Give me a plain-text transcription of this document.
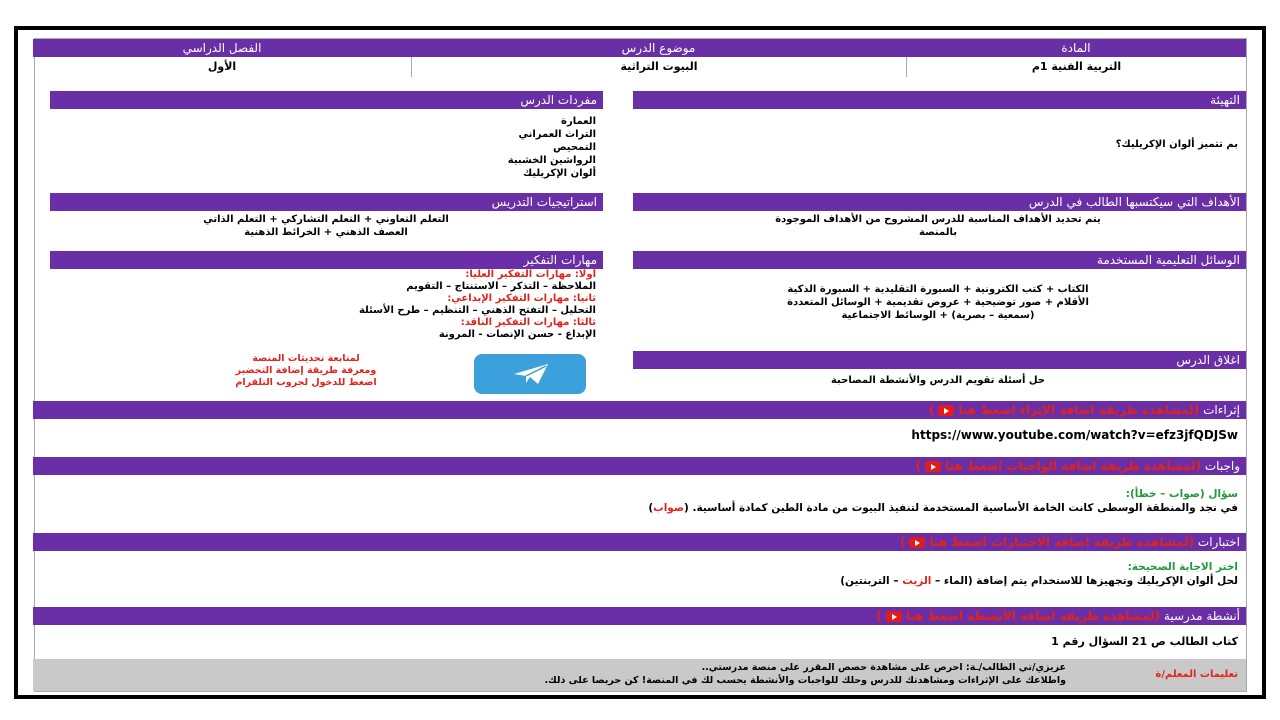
المادة
موضوع الدرس
الفصل الدراسي
التربية الفنية 1م
البيوت التراثية
الأول
التهيئة
بم تتميز ألوان الإكريليك؟
مفردات الدرس
العمارة
التراث العمراني
التمحيص
الرواشين الخشبية
ألوان الإكريليك
الأهداف التي سيكتسبها الطالب في الدرس
يتم تحديد الأهداف المناسبة للدرس المشروح من الأهداف الموجودة
بالمنصة
استراتيجيات التدريس
التعلم التعاوني + التعلم التشاركي + التعلم الذاتي
العصف الذهني + الخرائط الذهنية
الوسائل التعليمية المستخدمة
الكتاب + كتب الكترونية + السبورة التقليدية + السبورة الذكية
الأقلام + صور توضيحية + عروض تقديمية + الوسائل المتعددة
(سمعية – بصرية) + الوسائط الاجتماعية
مهارات التفكير
أولا: مهارات التفكير العليا:
الملاحظة – التذكر – الاستنتاج – التقويم
ثانيا: مهارات التفكير الإبداعي:
التحليل – التفتح الذهني – التنظيم – طرح الأسئلة
ثالثا: مهارات التفكير الناقد:
الإبداع - حسن الإنصات - المرونة
لمتابعة تحديثات المنصة
ومعرفة طريقة إضافة التحضير
اضغط للدخول لجروب التلقرام
اغلاق الدرس
حل أسئلة تقويم الدرس والأنشطة المصاحبة
إثراءات (لمشاهدة طريقة اضافة الإثراء اضغط هنا)
https://www.youtube.com/watch?v=efz3jfQDJSw
واجبات (لمشاهدة طريقة اضافة الواجبات اضغط هنا)
سؤال (صواب – خطأ):
في نجد والمنطقة الوسطى كانت الخامة الأساسية المستخدمة لتنفيذ البيوت من مادة الطين كمادة أساسية. (صواب)
اختبارات (لمشاهدة طريقة اضافة الاختبارات اضغط هنا)
اختر الاجابة الصحيحة:
لحل ألوان الإكريليك وتجهيزها للاستخدام يتم إضافة (الماء – الزيت – التربنتين)
أنشطة مدرسية (لمشاهدة طريقة اضافة الأنشطة اضغط هنا)
كتاب الطالب ص 21 السؤال رقم 1
تعليمات المعلم/ة
عزيزي/تي الطالب/ـة: احرص على مشاهدة حصص المقرر على منصة مدرستي..
واطلاعك على الإثراءات ومشاهدتك للدرس وحلك للواجبات والأنشطة يحسب لك في المنصة! كن حريصا على ذلك.
